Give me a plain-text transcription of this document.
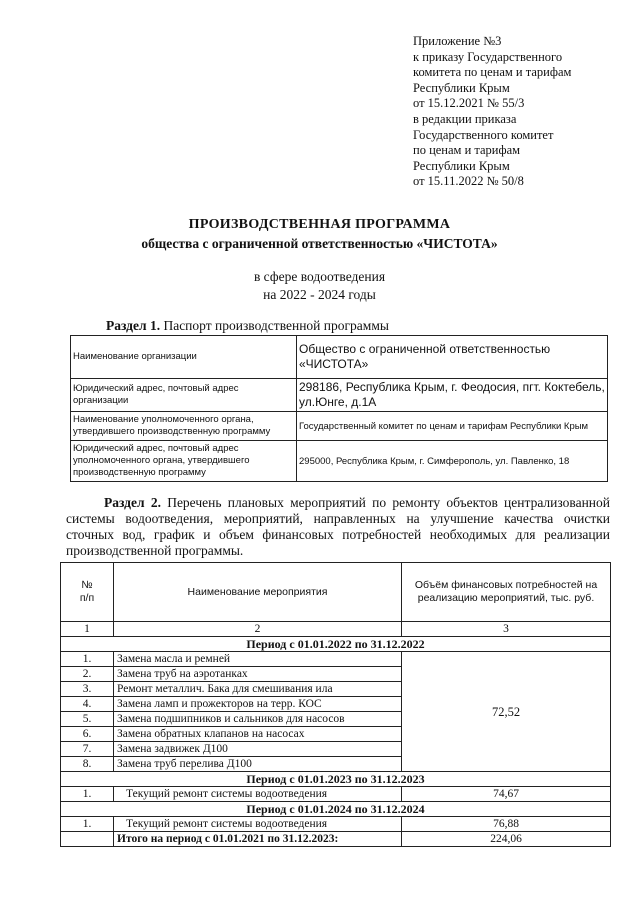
Приложение №3
к приказу Государственного
комитета по ценам и тарифам
Республики Крым
от 15.12.2021 № 55/3
в редакции приказа
Государственного комитет
по ценам и тарифам
Республики Крым
от 15.11.2022 № 50/8
ПРОИЗВОДСТВЕННАЯ ПРОГРАММА
общества с ограниченной ответственностью «ЧИСТОТА»
в сфере водоотведения
на 2022 - 2024 годы
Раздел 1. Паспорт производственной программы
Наименование организации	Общество с ограниченной ответственностью «ЧИСТОТА»
Юридический адрес, почтовый адрес организации	298186, Республика Крым, г. Феодосия, пгт. Коктебель, ул.Юнге, д.1А
Наименование уполномоченного органа, утвердившего производственную программу	Государственный комитет по ценам и тарифам Республики Крым
Юридический адрес, почтовый адрес уполномоченного органа, утвердившего производственную программу	295000, Республика Крым, г. Симферополь, ул. Павленко, 18
Раздел 2. Перечень плановых мероприятий по ремонту объектов централизованной системы водоотведения, мероприятий, направленных на улучшение качества очистки сточных вод, график и объем финансовых потребностей необходимых для реализации производственной программы.
№
п/п	Наименование мероприятия	Объём финансовых потребностей на реализацию мероприятий, тыс. руб.
1	2	3
Период с 01.01.2022 по 31.12.2022		
1.	Замена масла и ремней	72,52
2.	Замена труб на аэротанках	
3.	Ремонт металлич. Бака для смешивания ила	
4.	Замена ламп и прожекторов на терр. КОС	
5.	Замена подшипников и сальников для насосов	
6.	Замена обратных клапанов на насосах	
7.	Замена задвижек Д100	
8.	Замена труб перелива Д100	
Период с 01.01.2023 по 31.12.2023		
1.	Текущий ремонт системы водоотведения	74,67
Период с 01.01.2024 по 31.12.2024		
1.	Текущий ремонт системы водоотведения	76,88
	Итого на период с 01.01.2021 по 31.12.2023:	224,06
